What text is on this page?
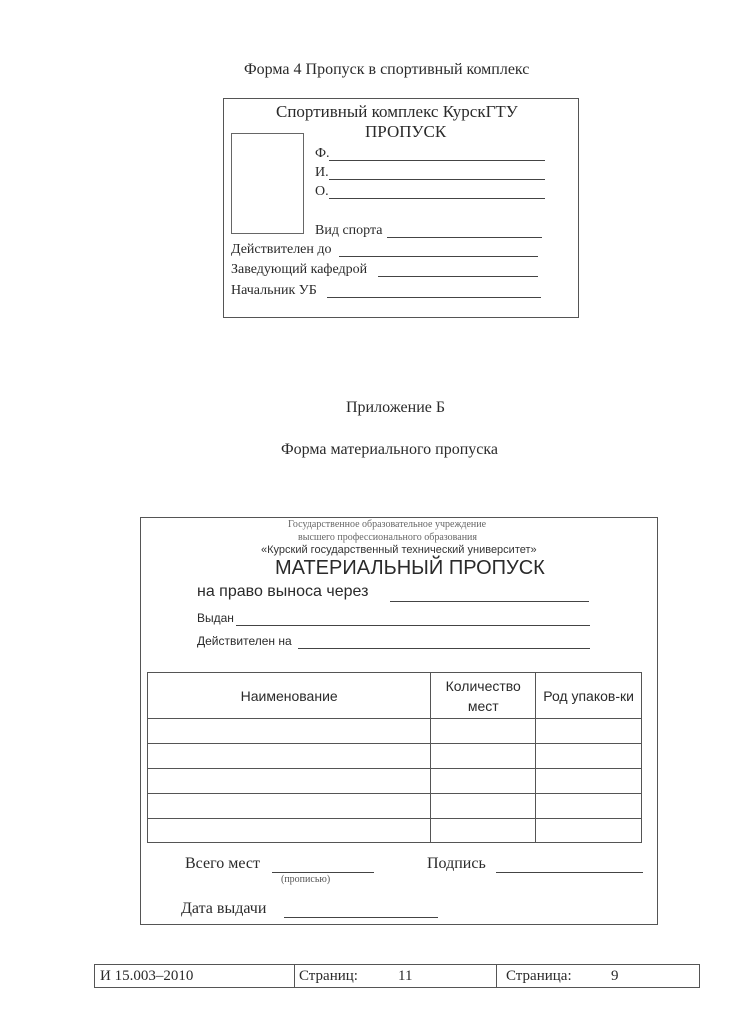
Форма 4 Пропуск в спортивный комплекс
Спортивный комплекс КурскГТУ
ПРОПУСК
Ф.
И.
О.
Вид спорта
Действителен до
Заведующий кафедрой
Начальник УБ
Приложение Б
Форма материального пропуска
Государственное образовательное учреждение
высшего профессионального образования
«Курский государственный технический университет»
МАТЕРИАЛЬНЫЙ ПРОПУСК
на право выноса через
Выдан
Действителен на
Наименование	Количество мест	Род упаков-ки

Всего мест
(прописью)
Подпись
Дата выдачи
И 15.003–2010	Страниц:	11	Страница:	9
